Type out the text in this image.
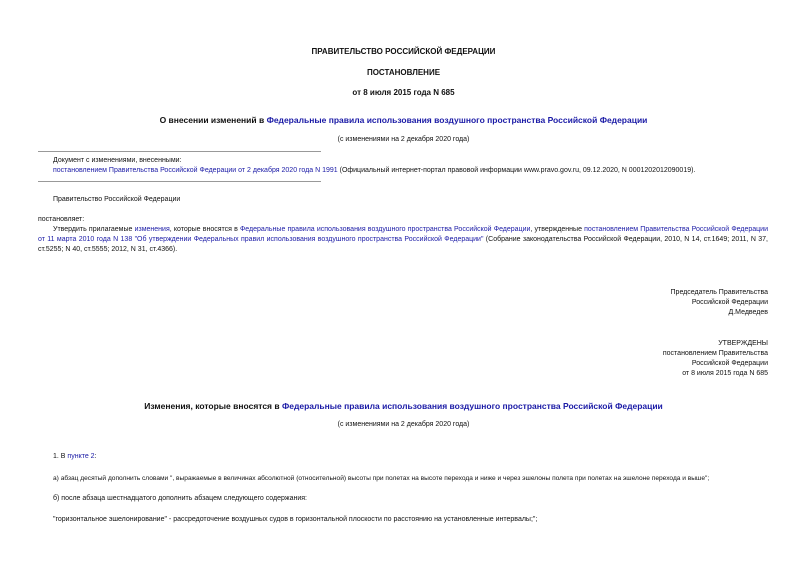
ПРАВИТЕЛЬСТВО РОССИЙСКОЙ ФЕДЕРАЦИИ
ПОСТАНОВЛЕНИЕ
от 8 июля 2015 года N 685
О внесении изменений в Федеральные правила использования воздушного пространства Российской Федерации
(с изменениями на 2 декабря 2020 года)
Документ с изменениями, внесенными:
постановлением Правительства Российской Федерации от 2 декабря 2020 года N 1991 (Официальный интернет-портал правовой информации www.pravo.gov.ru, 09.12.2020, N 0001202012090019).
Правительство Российской Федерации
постановляет:
Утвердить прилагаемые изменения, которые вносятся в Федеральные правила использования воздушного пространства Российской Федерации, утвержденные постановлением Правительства Российской Федерации от 11 марта 2010 года N 138 "Об утверждении Федеральных правил использования воздушного пространства Российской Федерации" (Собрание законодательства Российской Федерации, 2010, N 14, ст.1649; 2011, N 37, ст.5255; N 40, ст.5555; 2012, N 31, ст.4366).
Председатель Правительства
Российской Федерации
Д.Медведев
УТВЕРЖДЕНЫ
постановлением Правительства
Российской Федерации
от 8 июля 2015 года N 685
Изменения, которые вносятся в Федеральные правила использования воздушного пространства Российской Федерации
(с изменениями на 2 декабря 2020 года)
1. В пункте 2:
а) абзац десятый дополнить словами ", выражаемые в величинах абсолютной (относительной) высоты при полетах на высоте перехода и ниже и через эшелоны полета при полетах на эшелоне перехода и выше";
б) после абзаца шестнадцатого дополнить абзацем следующего содержания:
"горизонтальное эшелонирование" - рассредоточение воздушных судов в горизонтальной плоскости по расстоянию на установленные интервалы;";
